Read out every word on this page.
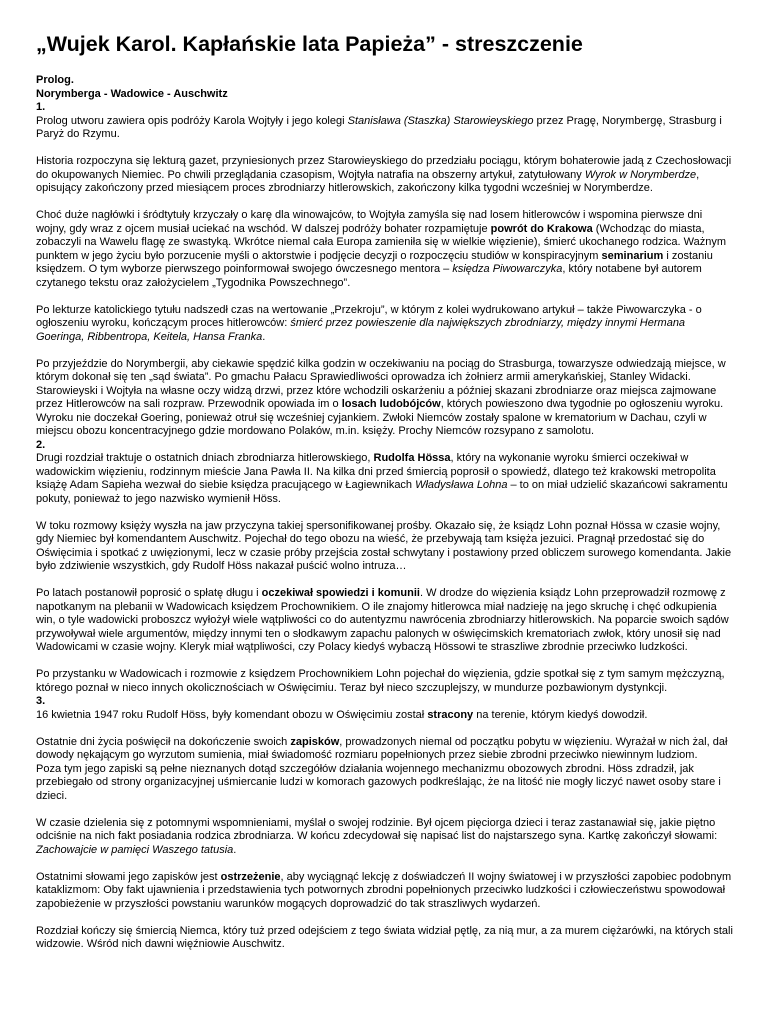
„Wujek Karol. Kapłańskie lata Papieża” - streszczenie
Prolog.
Norymberga - Wadowice - Auschwitz
1.

Prolog utworu zawiera opis podróży Karola Wojtyły i jego kolegi Stanisława (Staszka) Starowieyskiego przez Pragę, Norymbergę, Strasburg i Paryż do Rzymu.

Historia rozpoczyna się lekturą gazet, przyniesionych przez Starowieyskiego do przedziału pociągu, którym bohaterowie jadą z Czechosłowacji do okupowanych Niemiec. Po chwili przeglądania czasopism, Wojtyła natrafia na obszerny artykuł, zatytułowany Wyrok w Norymberdze, opisujący zakończony przed miesiącem proces zbrodniarzy hitlerowskich, zakończony kilka tygodni wcześniej w Norymberdze.

Choć duże nagłówki i śródtytuły krzyczały o karę dla winowajców, to Wojtyła zamyśla się nad losem hitlerowców i wspomina pierwsze dni wojny, gdy wraz z ojcem musiał uciekać na wschód. W dalszej podróży bohater rozpamiętuje powrót do Krakowa (Wchodząc do miasta, zobaczyli na Wawelu flagę ze swastyką. Wkrótce niemal cała Europa zamieniła się w wielkie więzienie), śmierć ukochanego rodzica. Ważnym punktem w jego życiu było porzucenie myśli o aktorstwie i podjęcie decyzji o rozpoczęciu studiów w konspiracyjnym seminarium i zostaniu księdzem. O tym wyborze pierwszego poinformował swojego ówczesnego mentora – księdza Piwowarczyka, który notabene był autorem czytanego tekstu oraz założycielem „Tygodnika Powszechnego”.

Po lekturze katolickiego tytułu nadszedł czas na wertowanie „Przekroju”, w którym z kolei wydrukowano artykuł – także Piwowarczyka - o ogłoszeniu wyroku, kończącym proces hitlerowców: śmierć przez powieszenie dla największych zbrodniarzy, między innymi Hermana Goeringa, Ribbentropa, Keitela, Hansa Franka.

Po przyjeździe do Norymbergii, aby ciekawie spędzić kilka godzin w oczekiwaniu na pociąg do Strasburga, towarzysze odwiedzają miejsce, w którym dokonał się ten „sąd świata”. Po gmachu Pałacu Sprawiedliwości oprowadza ich żołnierz armii amerykańskiej, Stanley Widacki. Starowieyski i Wojtyła na własne oczy widzą drzwi, przez które wchodzili oskarżeniu a później skazani zbrodniarze oraz miejsca zajmowane przez Hitlerowców na sali rozpraw. Przewodnik opowiada im o losach ludobójców, których powieszono dwa tygodnie po ogłoszeniu wyroku. Wyroku nie doczekał Goering, ponieważ otruł się wcześniej cyjankiem. Zwłoki Niemców zostały spalone w krematorium w Dachau, czyli w miejscu obozu koncentracyjnego gdzie mordowano Polaków, m.in. księży. Prochy Niemców rozsypano z samolotu.

2.

Drugi rozdział traktuje o ostatnich dniach zbrodniarza hitlerowskiego, Rudolfa Hössa, który na wykonanie wyroku śmierci oczekiwał w wadowickim więzieniu, rodzinnym mieście Jana Pawła II. Na kilka dni przed śmiercią poprosił o spowiedź, dlatego też krakowski metropolita książę Adam Sapieha wezwał do siebie księdza pracującego w Łagiewnikach Władysława Lohna – to on miał udzielić skazańcowi sakramentu pokuty, ponieważ to jego nazwisko wymienił Höss.

W toku rozmowy księży wyszła na jaw przyczyna takiej spersonifikowanej prośby. Okazało się, że ksiądz Lohn poznał Hössa w czasie wojny, gdy Niemiec był komendantem Auschwitz. Pojechał do tego obozu na wieść, że przebywają tam księża jezuici. Pragnął przedostać się do Oświęcimia i spotkać z uwięzionymi, lecz w czasie próby przejścia został schwytany i postawiony przed obliczem surowego komendanta. Jakie było zdziwienie wszystkich, gdy Rudolf Höss nakazał puścić wolno intruza…

Po latach postanowił poprosić o spłatę długu i oczekiwał spowiedzi i komunii. W drodze do więzienia ksiądz Lohn przeprowadził rozmowę z napotkanym na plebanii w Wadowicach księdzem Prochownikiem. O ile znajomy hitlerowca miał nadzieję na jego skruchę i chęć odkupienia win, o tyle wadowicki proboszcz wyłożył wiele wątpliwości co do autentyzmu nawrócenia zbrodniarzy hitlerowskich. Na poparcie swoich sądów przywoływał wiele argumentów, między innymi ten o słodkawym zapachu palonych w oświęcimskich krematoriach zwłok, który unosił się nad Wadowicami w czasie wojny. Kleryk miał wątpliwości, czy Polacy kiedyś wybaczą Hössowi te straszliwe zbrodnie przeciwko ludzkości.

Po przystanku w Wadowicach i rozmowie z księdzem Prochownikiem Lohn pojechał do więzienia, gdzie spotkał się z tym samym mężczyzną, którego poznał w nieco innych okolicznościach w Oświęcimiu. Teraz był nieco szczuplejszy, w mundurze pozbawionym dystynkcji.

3.

16 kwietnia 1947 roku Rudolf Höss, były komendant obozu w Oświęcimiu został stracony na terenie, którym kiedyś dowodził.

Ostatnie dni życia poświęcił na dokończenie swoich zapisków, prowadzonych niemal od początku pobytu w więzieniu. Wyrażał w nich żal, dał dowody nękającym go wyrzutom sumienia, miał świadomość rozmiaru popełnionych przez siebie zbrodni przeciwko niewinnym ludziom.

Poza tym jego zapiski są pełne nieznanych dotąd szczegółów działania wojennego mechanizmu obozowych zbrodni. Höss zdradził, jak przebiegało od strony organizacyjnej uśmiercanie ludzi w komorach gazowych podkreślając, że na litość nie mogły liczyć nawet osoby stare i dzieci.

W czasie dzielenia się z potomnymi wspomnieniami, myślał o swojej rodzinie. Był ojcem pięciorga dzieci i teraz zastanawiał się, jakie piętno odciśnie na nich fakt posiadania rodzica zbrodniarza. W końcu zdecydował się napisać list do najstarszego syna. Kartkę zakończył słowami: Zachowajcie w pamięci Waszego tatusia.

Ostatnimi słowami jego zapisków jest ostrzeżenie, aby wyciągnąć lekcję z doświadczeń II wojny światowej i w przyszłości zapobiec podobnym kataklizmom: Oby fakt ujawnienia i przedstawienia tych potwornych zbrodni popełnionych przeciwko ludzkości i człowieczeństwu spowodował zapobieżenie w przyszłości powstaniu warunków mogących doprowadzić do tak straszliwych wydarzeń.

Rozdział kończy się śmiercią Niemca, który tuż przed odejściem z tego świata widział pętlę, za nią mur, a za murem ciężarówki, na których stali widzowie. Wśród nich dawni więźniowie Auschwitz.
